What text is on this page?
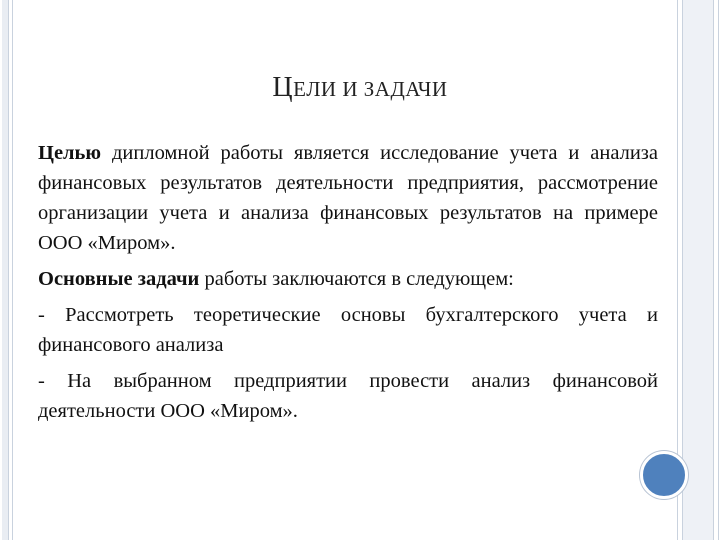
ЦЕЛИ И ЗАДАЧИ

Целью дипломной работы является исследование учета и анализа финансовых результатов деятельности предприятия, рассмотрение организации учета и анализа финансовых результатов на примере ООО «Миром».

Основные задачи работы заключаются в следующем:

- Рассмотреть теоретические основы бухгалтерского учета и финансового анализа

- На выбранном предприятии провести анализ финансовой деятельности ООО «Миром».
